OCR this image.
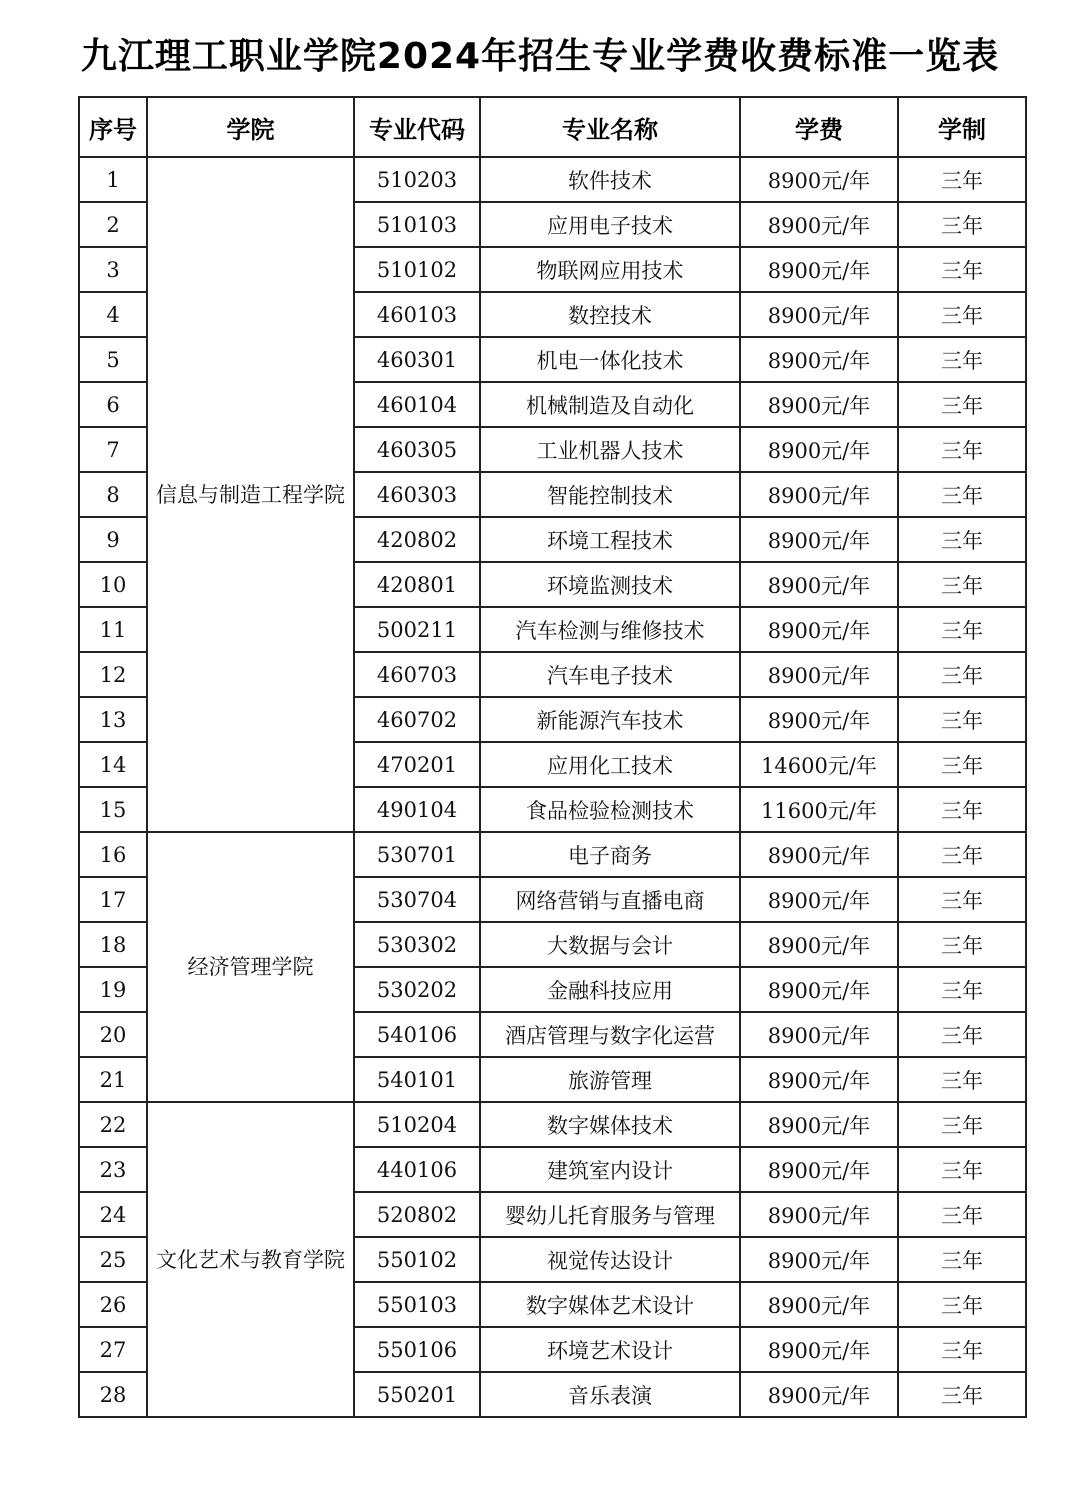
九江理工职业学院2024年招生专业学费收费标准一览表
序号	学院	专业代码	专业名称	学费	学制
1	信息与制造工程学院	510203	软件技术	8900元/年	三年
2		510103	应用电子技术	8900元/年	三年
3		510102	物联网应用技术	8900元/年	三年
4		460103	数控技术	8900元/年	三年
5		460301	机电一体化技术	8900元/年	三年
6		460104	机械制造及自动化	8900元/年	三年
7		460305	工业机器人技术	8900元/年	三年
8		460303	智能控制技术	8900元/年	三年
9		420802	环境工程技术	8900元/年	三年
10		420801	环境监测技术	8900元/年	三年
11		500211	汽车检测与维修技术	8900元/年	三年
12		460703	汽车电子技术	8900元/年	三年
13		460702	新能源汽车技术	8900元/年	三年
14		470201	应用化工技术	14600元/年	三年
15		490104	食品检验检测技术	11600元/年	三年
16	经济管理学院	530701	电子商务	8900元/年	三年
17		530704	网络营销与直播电商	8900元/年	三年
18		530302	大数据与会计	8900元/年	三年
19		530202	金融科技应用	8900元/年	三年
20		540106	酒店管理与数字化运营	8900元/年	三年
21		540101	旅游管理	8900元/年	三年
22	文化艺术与教育学院	510204	数字媒体技术	8900元/年	三年
23		440106	建筑室内设计	8900元/年	三年
24		520802	婴幼儿托育服务与管理	8900元/年	三年
25		550102	视觉传达设计	8900元/年	三年
26		550103	数字媒体艺术设计	8900元/年	三年
27		550106	环境艺术设计	8900元/年	三年
28		550201	音乐表演	8900元/年	三年
